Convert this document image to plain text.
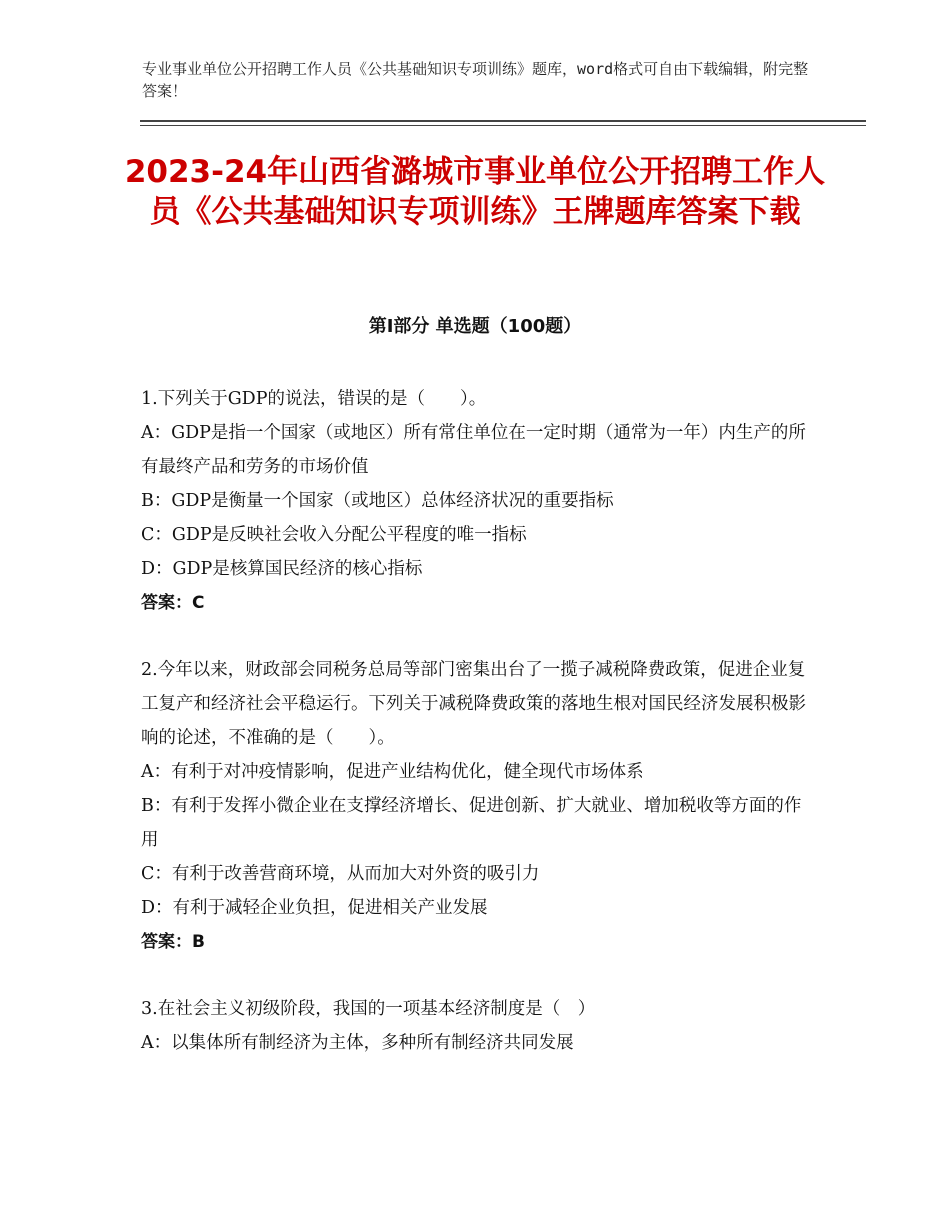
专业事业单位公开招聘工作人员《公共基础知识专项训练》题库，word格式可自由下载编辑，附完整答案！
2023-24年山西省潞城市事业单位公开招聘工作人员《公共基础知识专项训练》王牌题库答案下载
第Ⅰ部分 单选题（100题）

1.下列关于GDP的说法，错误的是（　　）。

A：GDP是指一个国家（或地区）所有常住单位在一定时期（通常为一年）内生产的所有最终产品和劳务的市场价值

B：GDP是衡量一个国家（或地区）总体经济状况的重要指标

C：GDP是反映社会收入分配公平程度的唯一指标

D：GDP是核算国民经济的核心指标

答案：C

2.今年以来，财政部会同税务总局等部门密集出台了一揽子减税降费政策，促进企业复工复产和经济社会平稳运行。下列关于减税降费政策的落地生根对国民经济发展积极影响的论述，不准确的是（　　）。

A：有利于对冲疫情影响，促进产业结构优化，健全现代市场体系

B：有利于发挥小微企业在支撑经济增长、促进创新、扩大就业、增加税收等方面的作用

C：有利于改善营商环境，从而加大对外资的吸引力

D：有利于减轻企业负担，促进相关产业发展

答案：B

3.在社会主义初级阶段，我国的一项基本经济制度是（　）

A：以集体所有制经济为主体，多种所有制经济共同发展
